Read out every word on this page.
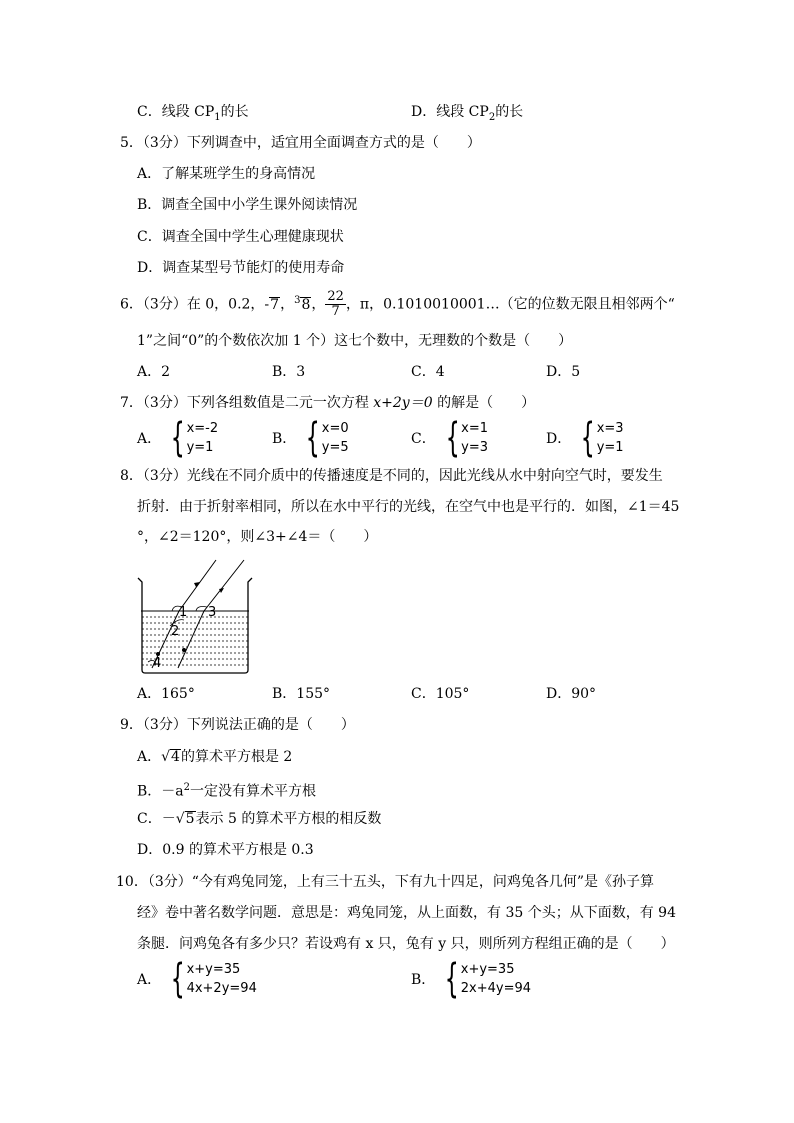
C．线段 $CP_1$的长	D．线段 $CP_2$的长
5．（3分）下列调查中，适宜用全面调查方式的是（　　）
A．了解某班学生的身高情况
B．调查全国中小学生课外阅读情况
C．调查全国中学生心理健康现状
D．调查某型号节能灯的使用寿命
6．（3分）在 0，0.2，-7，$^3$8， $\frac{22}{7}$ ，π，0.1010010001…（它的位数无限且相邻两个“
1”之间“0”的个数依次加 1 个）这七个数中，无理数的个数是（　　）
A．2	B．3	C．4	D．5
7．（3分）下列各组数值是二元一次方程 x+2y＝0 的解是（　　）
A． { x=-2
y=1
B． { x=0
y=5
C． { x=1
y=3
D． { x=3
y=1
8．（3分）光线在不同介质中的传播速度是不同的，因此光线从水中射向空气时，要发生
折射．由于折射率相同，所以在水中平行的光线，在空气中也是平行的．如图，∠1＝45
°，∠2＝120°，则∠3+∠4＝（　　）
1
2
3
4
A．165°	B．155°	C．105°	D．90°
9．（3分）下列说法正确的是（　　）
A．√4的算术平方根是 2
B．$-a^2$一定没有算术平方根
C．－√5表示 5 的算术平方根的相反数
D．0.9 的算术平方根是 0.3
10．（3分）“今有鸡兔同笼，上有三十五头，下有九十四足，问鸡兔各几何”是《孙子算
经》卷中著名数学问题．意思是：鸡兔同笼，从上面数，有 35 个头；从下面数，有 94
条腿．问鸡兔各有多少只？若设鸡有 x 只，兔有 y 只，则所列方程组正确的是（　　）
A． { x+y=35
4x+2y=94
B． { x+y=35
2x+4y=94
